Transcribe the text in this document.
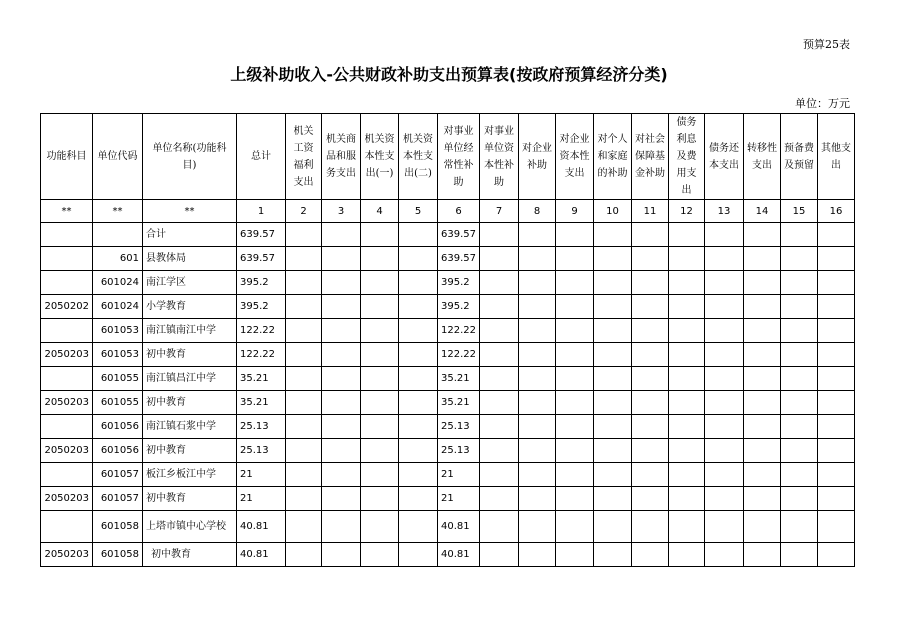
预算25表
上级补助收入-公共财政补助支出预算表(按政府预算经济分类)
单位：万元
功能科目	单位代码	单位名称(功能科目)	总计	机关工资福利支出	机关商品和服务支出	机关资本性支出(一)	机关资本性支出(二)	对事业单位经常性补助	对事业单位资本性补助	对企业补助	对企业资本性支出	对个人和家庭的补助	对社会保障基金补助	债务利息及费用支出	债务还本支出	转移性支出	预备费及预留	其他支出
**	**	**	1	2	3	4	5	6	7	8	9	10	11	12	13	14	15	16
		合计	639.57					639.57										
	601	县教体局	639.57					639.57										
	601024	南江学区	395.2					395.2										
2050202	601024	小学教育	395.2					395.2										
	601053	南江镇南江中学	122.22					122.22										
2050203	601053	初中教育	122.22					122.22										
	601055	南江镇昌江中学	35.21					35.21										
2050203	601055	初中教育	35.21					35.21										
	601056	南江镇石浆中学	25.13					25.13										
2050203	601056	初中教育	25.13					25.13										
	601057	板江乡板江中学	21					21										
2050203	601057	初中教育	21					21										
	601058	上塔市镇中心学校	40.81					40.81										
2050203	601058	初中教育	40.81					40.81										
